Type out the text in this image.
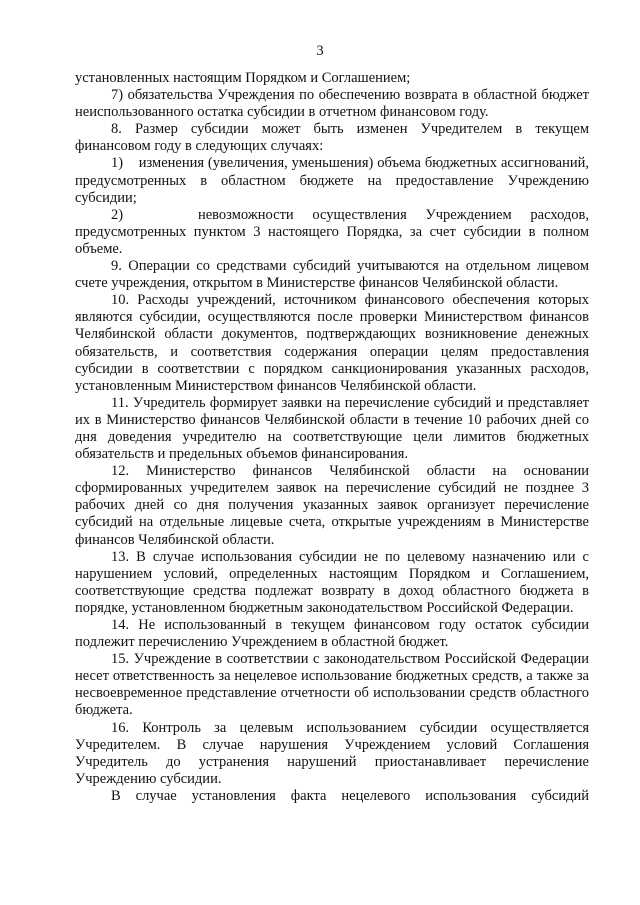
3

установленных настоящим Порядком и Соглашением;

7) обязательства Учреждения по обеспечению возврата в областной бюджет неиспользованного остатка субсидии в отчетном финансовом году.

8. Размер субсидии может быть изменен Учредителем в текущем финансовом году в следующих случаях:

1)    изменения (увеличения, уменьшения) объема бюджетных ассигнований, предусмотренных в областном бюджете на предоставление Учреждению субсидии;

2)    невозможности осуществления Учреждением расходов, предусмотренных пунктом 3 настоящего Порядка, за счет субсидии в полном объеме.

9. Операции со средствами субсидий учитываются на отдельном лицевом счете учреждения, открытом в Министерстве финансов Челябинской области.

10. Расходы учреждений, источником финансового обеспечения которых являются субсидии, осуществляются после проверки Министерством финансов Челябинской области документов, подтверждающих возникновение денежных обязательств, и соответствия содержания операции целям предоставления субсидии в соответствии с порядком санкционирования указанных расходов, установленным Министерством финансов Челябинской области.

11. Учредитель формирует заявки на перечисление субсидий и представляет их в Министерство финансов Челябинской области в течение 10 рабочих дней со дня доведения учредителю на соответствующие цели лимитов бюджетных обязательств и предельных объемов финансирования.

12. Министерство финансов Челябинской области на основании сформированных учредителем заявок на перечисление субсидий не позднее 3 рабочих дней со дня получения указанных заявок организует перечисление субсидий на отдельные лицевые счета, открытые учреждениям в Министерстве финансов Челябинской области.

13. В случае использования субсидии не по целевому назначению или с нарушением условий, определенных настоящим Порядком и Соглашением, соответствующие средства подлежат возврату в доход областного бюджета в порядке, установленном бюджетным законодательством Российской Федерации.

14. Не использованный в текущем финансовом году остаток субсидии подлежит перечислению Учреждением в областной бюджет.

15. Учреждение в соответствии с законодательством Российской Федерации несет ответственность за нецелевое использование бюджетных средств, а также за несвоевременное представление отчетности об использовании средств областного бюджета.

16. Контроль за целевым использованием субсидии осуществляется Учредителем. В случае нарушения Учреждением условий Соглашения Учредитель до устранения нарушений приостанавливает перечисление Учреждению субсидии.

В случае установления факта нецелевого использования субсидий
